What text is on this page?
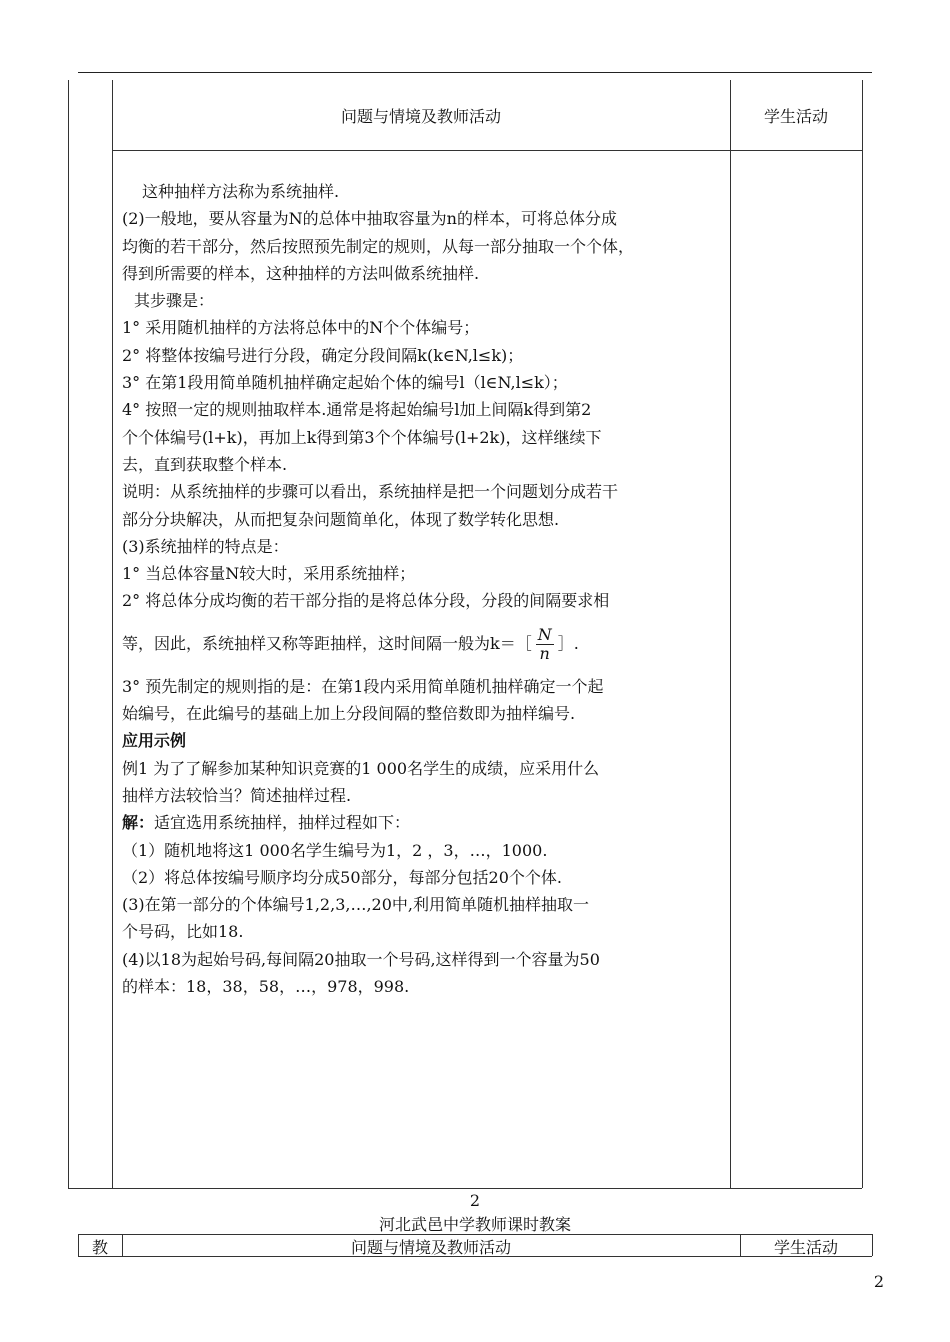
问题与情境及教师活动	学生活动

这种抽样方法称为系统抽样.

(2)一般地，要从容量为N的总体中抽取容量为n的样本，可将总体分成

均衡的若干部分，然后按照预先制定的规则，从每一部分抽取一个个体，

得到所需要的样本，这种抽样的方法叫做系统抽样.

其步骤是：

1° 采用随机抽样的方法将总体中的N个个体编号；

2° 将整体按编号进行分段，确定分段间隔k(k∈N,l≤k)；

3° 在第1段用简单随机抽样确定起始个体的编号l（l∈N,l≤k）；

4° 按照一定的规则抽取样本.通常是将起始编号l加上间隔k得到第2

个个体编号(l+k)，再加上k得到第3个个体编号(l+2k)，这样继续下

去，直到获取整个样本.

说明：从系统抽样的步骤可以看出，系统抽样是把一个问题划分成若干

部分分块解决，从而把复杂问题简单化，体现了数学转化思想.

(3)系统抽样的特点是：

1° 当总体容量N较大时，采用系统抽样；

2° 将总体分成均衡的若干部分指的是将总体分段，分段的间隔要求相

等，因此，系统抽样又称等距抽样，这时间隔一般为k＝［ $\frac{N}{n}$ ］.

3° 预先制定的规则指的是：在第1段内采用简单随机抽样确定一个起

始编号，在此编号的基础上加上分段间隔的整倍数即为抽样编号.

应用示例

例1 为了了解参加某种知识竞赛的1 000名学生的成绩，应采用什么

抽样方法较恰当？简述抽样过程.

解：适宜选用系统抽样，抽样过程如下：

（1）随机地将这1 000名学生编号为1，2 ，3，…，1000.

（2）将总体按编号顺序均分成50部分，每部分包括20个个体.

(3)在第一部分的个体编号1,2,3,…,20中,利用简单随机抽样抽取一

个号码，比如18.

(4)以18为起始号码,每间隔20抽取一个号码,这样得到一个容量为50

的样本：18，38，58，…，978，998.

2
河北武邑中学教师课时教案
教	问题与情境及教师活动	学生活动
2
